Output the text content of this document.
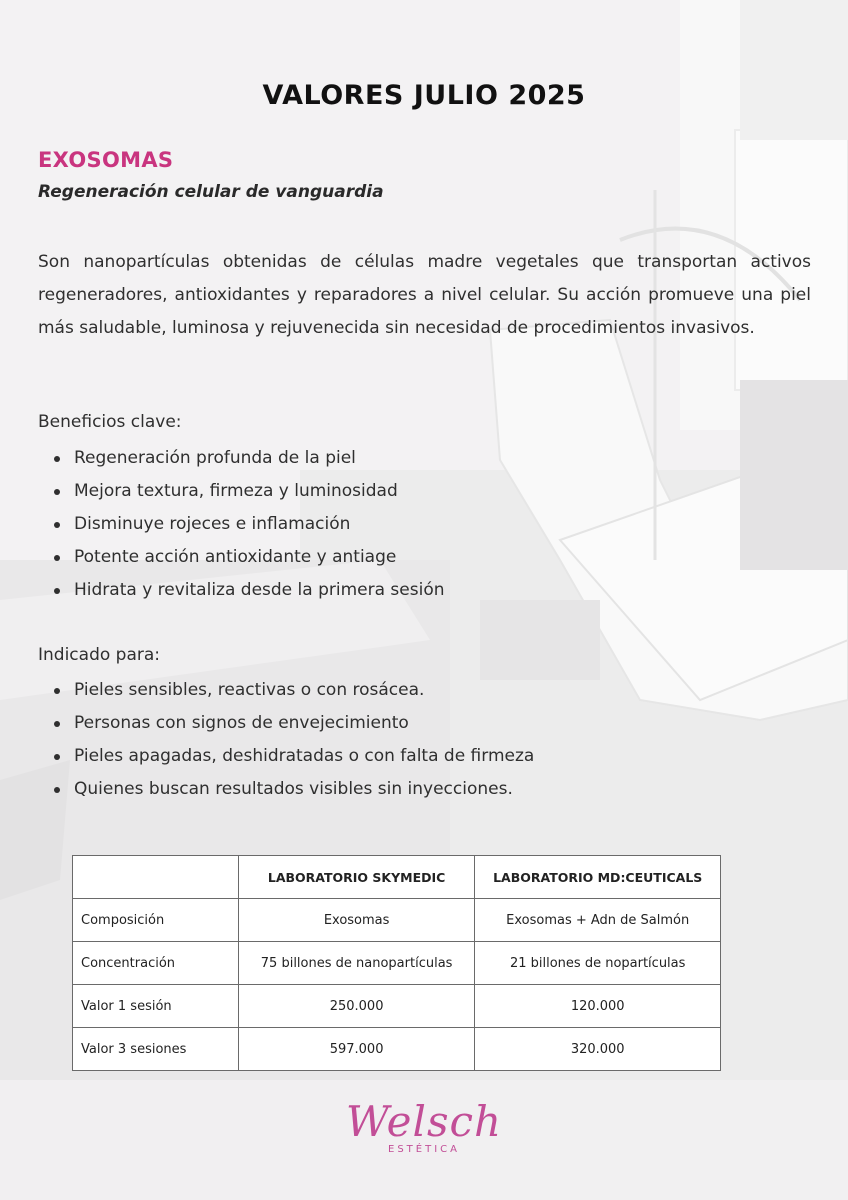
VALORES JULIO 2025
EXOSOMAS
Regeneración celular de vanguardia
Son nanopartículas obtenidas de células madre vegetales que transportan activos regeneradores, antioxidantes y reparadores a nivel celular. Su acción promueve una piel más saludable, luminosa y rejuvenecida sin necesidad de procedimientos invasivos.
Beneficios clave:
Regeneración profunda de la piel
Mejora textura, firmeza y luminosidad
Disminuye rojeces e inflamación
Potente acción antioxidante y antiage
Hidrata y revitaliza desde la primera sesión
Indicado para:
Pieles sensibles, reactivas o con rosácea.
Personas con signos de envejecimiento
Pieles apagadas, deshidratadas o con falta de firmeza
Quienes buscan resultados visibles sin inyecciones.
	LABORATORIO SKYMEDIC	LABORATORIO MD:CEUTICALS
Composición	Exosomas	Exosomas + Adn de Salmón
Concentración	75 billones de nanopartículas	21 billones de nopartículas
Valor 1 sesión	250.000	120.000
Valor 3 sesiones	597.000	320.000
Welsch
ESTÉTICA
